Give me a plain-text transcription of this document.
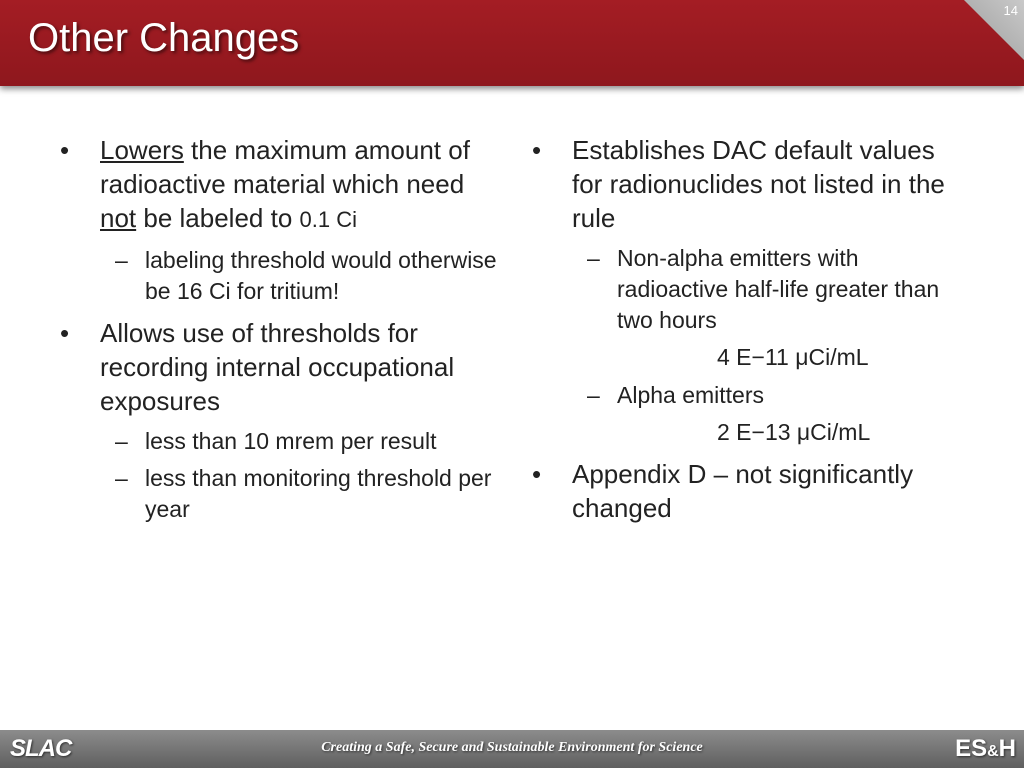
Other Changes
14
• Lowers the maximum amount of radioactive material which need not be labeled to 0.1 Ci
– labeling threshold would otherwise be 16 Ci for tritium!
• Allows use of thresholds for recording internal occupational exposures
– less than 10 mrem per result
– less than monitoring threshold per year
• Establishes DAC default values for radionuclides not listed in the rule
– Non-alpha emitters with radioactive half-life greater than two hours
4 E−11 μCi/mL
– Alpha emitters
2 E−13 μCi/mL
• Appendix D – not significantly changed
SLAC	Creating a Safe, Secure and Sustainable Environment for Science	ES&H
